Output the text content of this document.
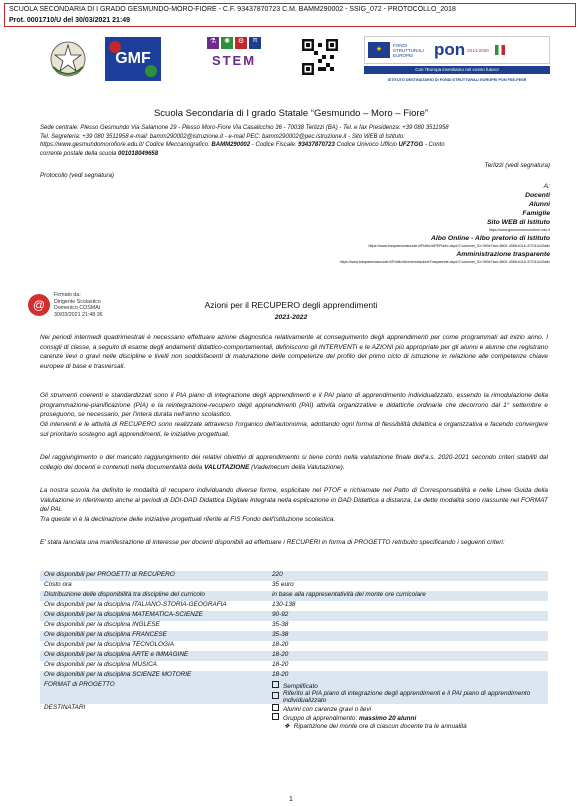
SCUOLA SECONDARIA DI I GRADO GESMUNDO-MORO-FIORE - C.F. 93437870723 C.M. BAMM290002 - SSIG_072 - PROTOCOLLO_2018
Prot. 0001710/U del 30/03/2021 21:49
GMF
⚗	✺	⚙	π
STEM
★
FONDI STRUTTURALI EUROPEI	pon 2014-2020
Con l'Europa investiamo nel vostro futuro!
ISTITUTO DESTINATARIO DI FONDI STRUTTURALI EUROPEI PON FSE-FESR
Scuola Secondaria di I grado Statale “Gesmundo – Moro – Fiore”
Sede centrale: Plesso Gesmundo Via Salamone 29 - Plesso Moro-Fiore Via Casalicchio 36 - 70038 Terlizzi (BA) - Tel. e fax Presidenza: +39 080 3511958
Tel. Segreteria: +39 080 3511958 e-mail: bamm290002@istruzione.it - e-mail PEC: bamm290002@pec.istruzione.it - Sito WEB di Istituto:
https://www.gesmundomorofiore.edu.it/ Codice Meccanografico: BAMM290002 - Codice Fiscale: 93437870723 Codice Univoco Ufficio UFZTGG - Conto
corrente postale della scuola 001018049658
Terlizzi (vedi segnatura)
Protocollo (vedi segnatura)
A:
Docenti
Alunni
Famiglie
Sito WEB di Istituto
https://www.gesmundomorofiore.edu.it
Albo Online - Albo pretorio di Istituto
https://www.trasparenzascuole.it/Public/APEPublic.aspx?Customer_ID=390e7ace-8601-4968-b11b-372111c02d8c
Amministrazione trasparente
https://www.trasparenzascuole.it/Public/AmministrazioneTrasparente.aspx?Customer_ID=390e7ace-8601-4968-b11b-372111c02d8c
@
Firmato da:
Dirigente Scolastico
Domenico COSMAI
30/03/2021 21:48:36
Azioni per il RECUPERO degli apprendimenti
2021-2022
Nei periodi intermedi quadrimestrali è necessario effettuare azione diagnostica relativamente al conseguimento degli apprendimenti per come programmati ad inizio anno. I consigli di classe, a seguito di esame degli andamenti didattico-comportamentali, definiscono gli INTERVENTI e le AZIONI più appropriate per gli alunni e alunne che registrano carenze lievi o gravi nelle discipline e livelli non soddisfacenti di maturazione delle competenze del profilo del primo ciclo di istruzione in relazione alle competenze chiave europee di base e trasversali.
Gli strumenti coerenti e standardizzati sono il PIA piano di integrazione degli apprendimenti e il PAI piano di apprendimento individualizzato, essendo la rimodulazione della programmazione-pianificazione (PIA) e la reintegrazione-recupero degli apprendimenti (PAI) attività organizzative e didattiche ordinarie che decorrono dal 1° settembre e proseguono, se necessario, per l'intera durata nell'anno scolastico.
Gli interventi e le attività di RECUPERO sono realizzate attraverso l'organico dell'autonomia, adottando ogni forma di flessibilità didattica e organizzativa e facendo convergere sul prioritario sostegno agli apprendimenti, le iniziative progettuali.
Del raggiungimento o del mancato raggiungimento dei relativi obiettivi di apprendimento si tiene conto nella valutazione finale dell'a.s. 2020-2021 secondo criteri stabiliti dal collegio dei docenti e contenuti nella documentalità della VALUTAZIONE (Vademecum della Valutazione).
La nostra scuola ha definito le modalità di recupero individuando diverse forme, esplicitate nel PTOF e richiamate nel Patto di Corresponsabilità e nelle Linee Guida della Valutazione in riferimento anche ai periodi di DDI-DAD Didattica Digitale Integrata nella esplicazione in DAD Didattica a distanza. Le dette modalità sono riassunte nel FORMAT del PAI.
Tra queste vi è la declinazione delle iniziative progettuali riferite al FIS Fondo dell'Istituzione scolastica.
E' stata lanciata una manifestazione di interesse per docenti disponibili ad effettuare i RECUPERI in forma di PROGETTO retribuito specificando i seguenti criteri:
Ore disponibili per PROGETTI di RECUPERO	220
Costo ora	35 euro
Distribuzione delle disponibilità tra discipline del curricolo	in base alla rappresentatività del monte ore curricolare
Ore disponibili per la disciplina ITALIANO-STORIA-GEOGRAFIA	130-138
Ore disponibili per la disciplina MATEMATICA-SCIENZE	90-92
Ore disponibili per la disciplina INGLESE	35-38
Ore disponibili per la disciplina FRANCESE	35-38
Ore disponibili per la disciplina TECNOLOGIA	18-20
Ore disponibili per la disciplina ARTE e IMMAGINE	18-20
Ore disponibili per la disciplina MUSICA	18-20
Ore disponibili per la disciplina SCIENZE MOTORIE	18-20
FORMAT di PROGETTO	Semplificato
Riferito al PIA piano di integrazione degli apprendimenti e il PAI piano di apprendimento individualizzato

DESTINATARI	Alunni con carenze gravi o lievi
Gruppo di apprendimento: massimo 20 alunni
❖ Ripartizione del monte ore di ciascun docente tra le annualità
1
